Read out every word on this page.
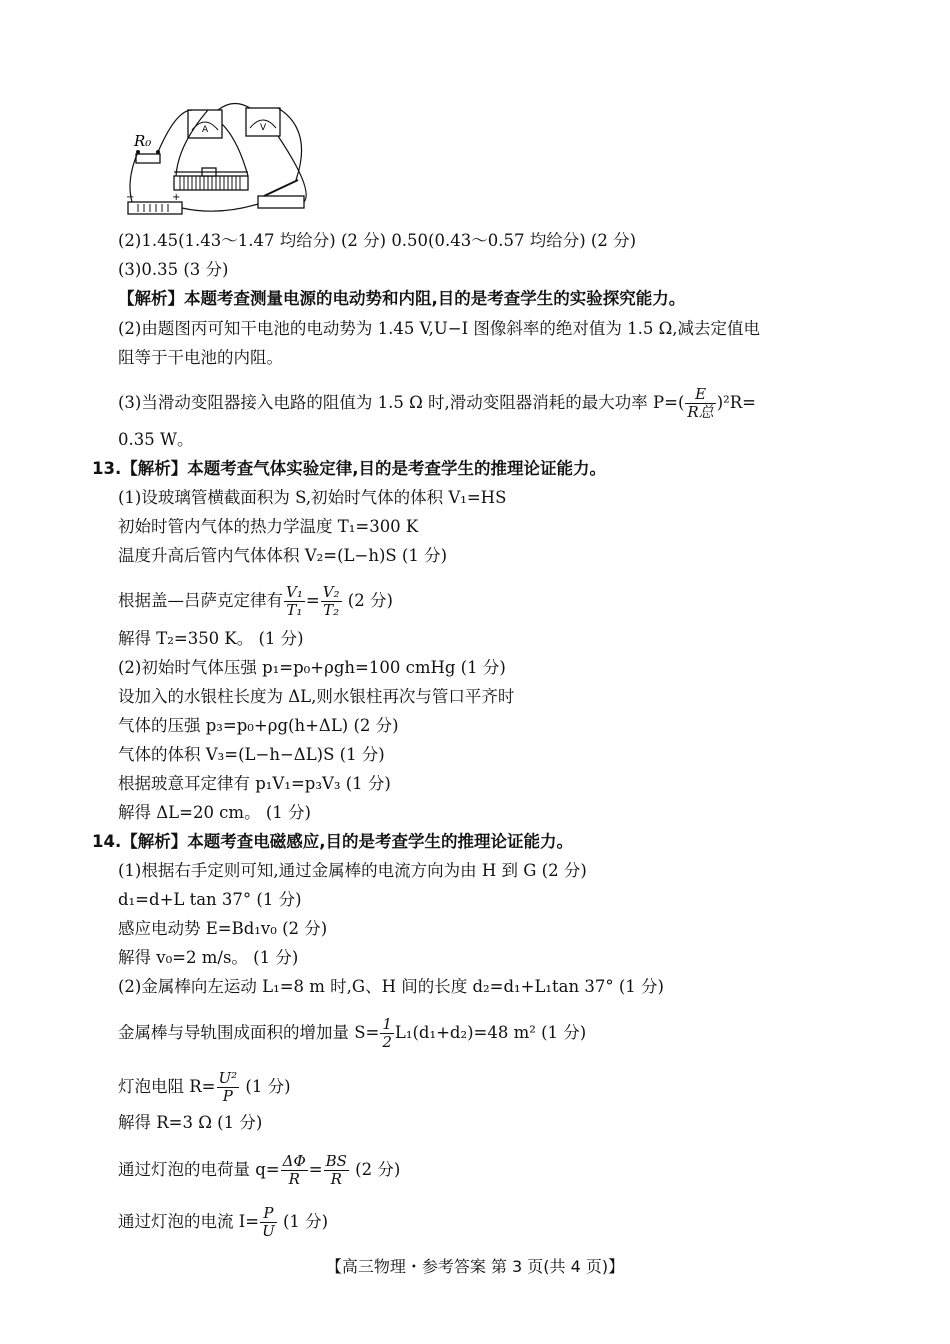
R₀
A	V
−	+
(2)1.45(1.43～1.47 均给分) (2 分) 0.50(0.43～0.57 均给分) (2 分)
(3)0.35 (3 分)
【解析】本题考查测量电源的电动势和内阻,目的是考查学生的实验探究能力。
(2)由题图丙可知干电池的电动势为 1.45 V,U−I 图像斜率的绝对值为 1.5 Ω,减去定值电
阻等于干电池的内阻。
(3)当滑动变阻器接入电路的阻值为 1.5 Ω 时,滑动变阻器消耗的最大功率 $P=( \frac{E}{\text{R总}} )^2R=$
0.35 W。
13.【解析】本题考查气体实验定律,目的是考查学生的推理论证能力。
(1)设玻璃管横截面积为 S,初始时气体的体积 V₁=HS
初始时管内气体的热力学温度 T₁=300 K
温度升高后管内气体体积 V₂=(L−h)S (1 分)
根据盖—吕萨克定律有 $\frac{\text{V₁}}{\text{T₁}} = \frac{\text{V₂}}{\text{T₂}} (2$ 分)
解得 T₂=350 K。 (1 分)
(2)初始时气体压强 p₁=p₀+ρgh=100 cmHg (1 分)
设加入的水银柱长度为 ΔL,则水银柱再次与管口平齐时
气体的压强 p₃=p₀+ρg(h+ΔL) (2 分)
气体的体积 V₃=(L−h−ΔL)S (1 分)
根据玻意耳定律有 p₁V₁=p₃V₃ (1 分)
解得 ΔL=20 cm。 (1 分)
14.【解析】本题考查电磁感应,目的是考查学生的推理论证能力。
(1)根据右手定则可知,通过金属棒的电流方向为由 H 到 G (2 分)
d₁=d+L tan 37° (1 分)
感应电动势 E=Bd₁v₀ (2 分)
解得 v₀=2 m/s。 (1 分)
(2)金属棒向左运动 L₁=8 m 时,G、H 间的长度 d₂=d₁+L₁tan 37° (1 分)
金属棒与导轨围成面积的增加量 $S= \frac{1}{2} L_1(d_1+d_2)=48$ m² (1 分)
灯泡电阻 $R= \frac{\text{U²}}{P} (1$ 分)
解得 R=3 Ω (1 分)
通过灯泡的电荷量 $q= \frac{\Delta\Phi}{R} = \frac{BS}{R} (2$ 分)
通过灯泡的电流 $I= \frac{P}{U} (1$ 分)
【高三物理・参考答案 第 3 页(共 4 页)】
